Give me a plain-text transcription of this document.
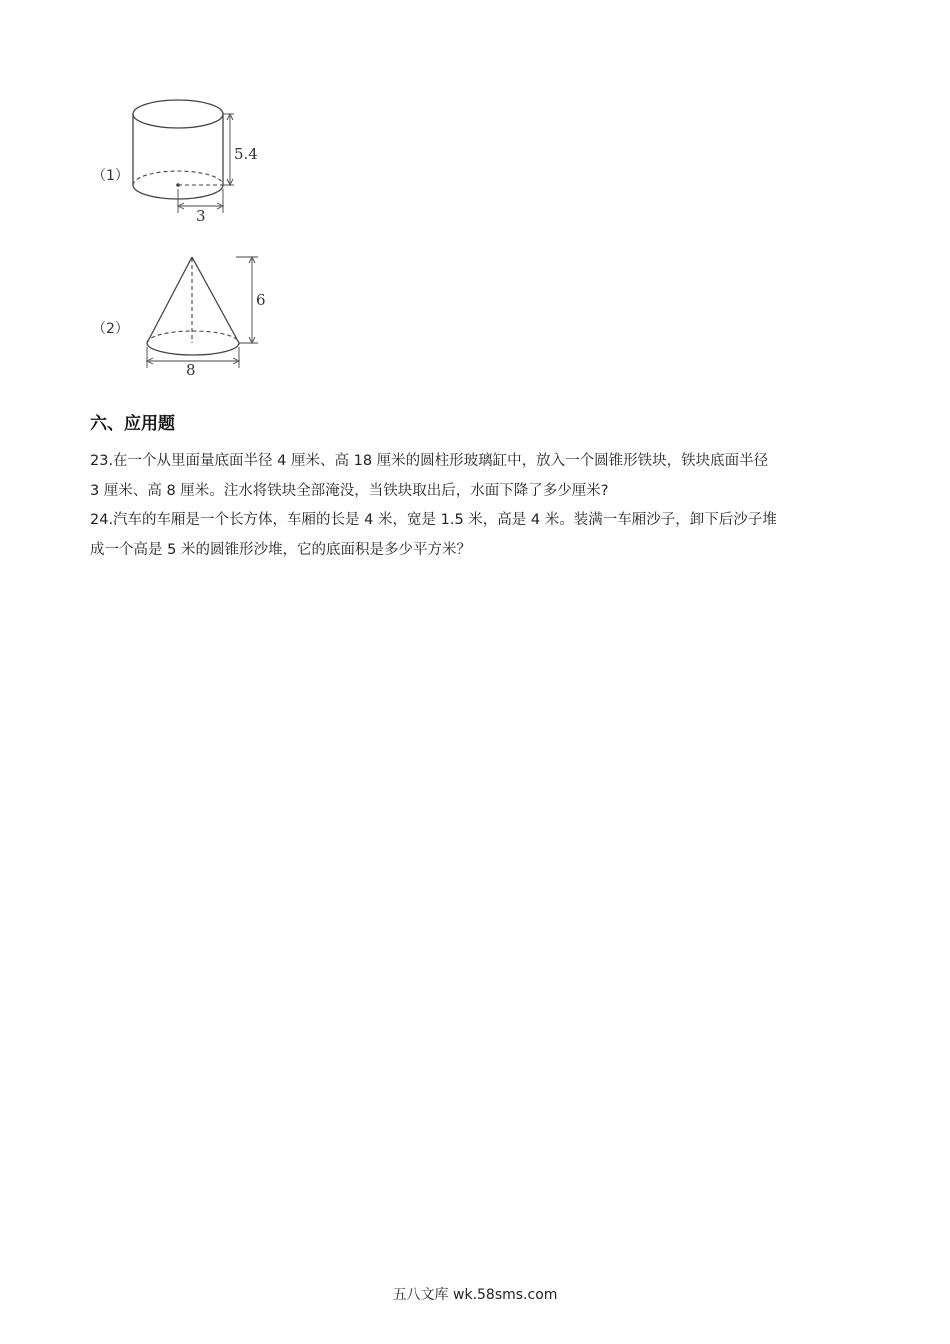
（1）
5.4
3
（2）
6
8
六、应用题
23.在一个从里面量底面半径 4 厘米、高 18 厘米的圆柱形玻璃缸中，放入一个圆锥形铁块，铁块底面半径
3 厘米、高 8 厘米。注水将铁块全部淹没，当铁块取出后，水面下降了多少厘米?
24.汽车的车厢是一个长方体，车厢的长是 4 米，宽是 1.5 米，高是 4 米。装满一车厢沙子，卸下后沙子堆
成一个高是 5 米的圆锥形沙堆，它的底面积是多少平方米？
五八文库 wk.58sms.com
